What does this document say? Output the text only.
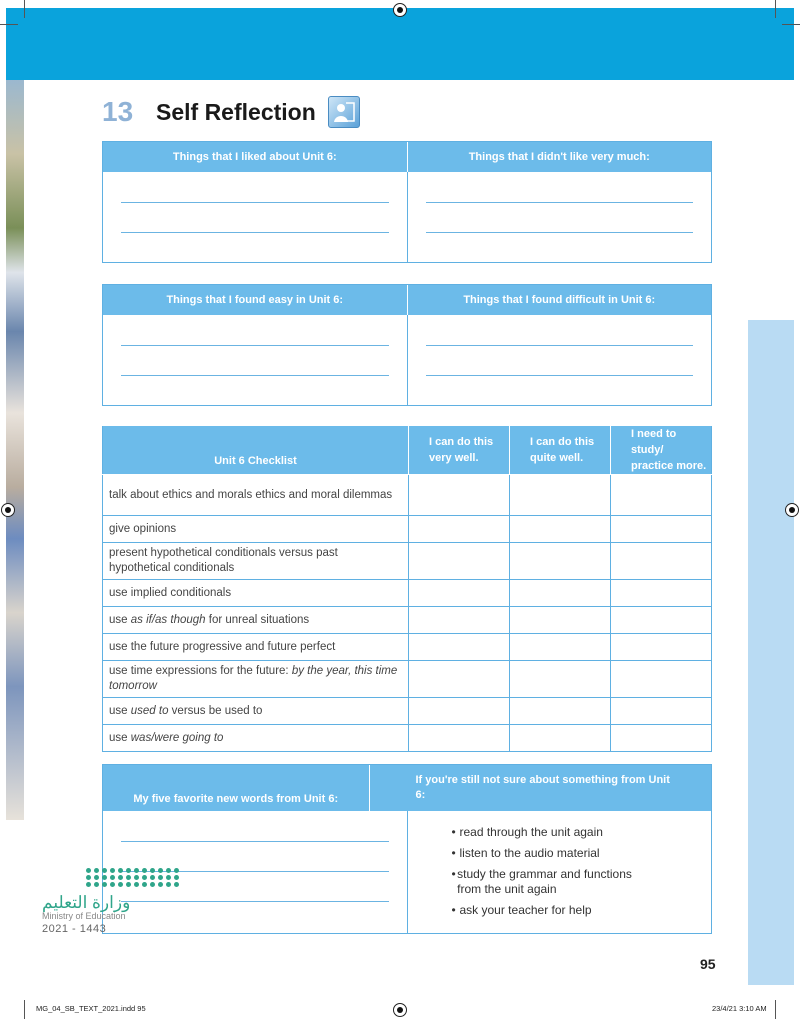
13 Self Reflection
Things that I liked about Unit 6:	Things that I didn't like very much:
Things that I found easy in Unit 6:	Things that I found difficult in Unit 6:
Unit 6 Checklist	I can do this very well.	I can do this quite well.	I need to study/ practice more.
talk about ethics and morals ethics and moral dilemmas			
give opinions			
present hypothetical conditionals versus past hypothetical conditionals			
use implied conditionals			
use as if/as though for unreal situations			
use the future progressive and future perfect			
use time expressions for the future: by the year, this time tomorrow			
use used to versus be used to			
use was/were going to			
My five favorite new words from Unit 6:
If you're still not sure about something from Unit 6:
• read through the unit again
• listen to the audio material
• study the grammar and functions from the unit again
• ask your teacher for help
وزارة التعليم
Ministry of Education
2021 - 1443
95
MG_04_SB_TEXT_2021.indd 95	23/4/21 3:10 AM
